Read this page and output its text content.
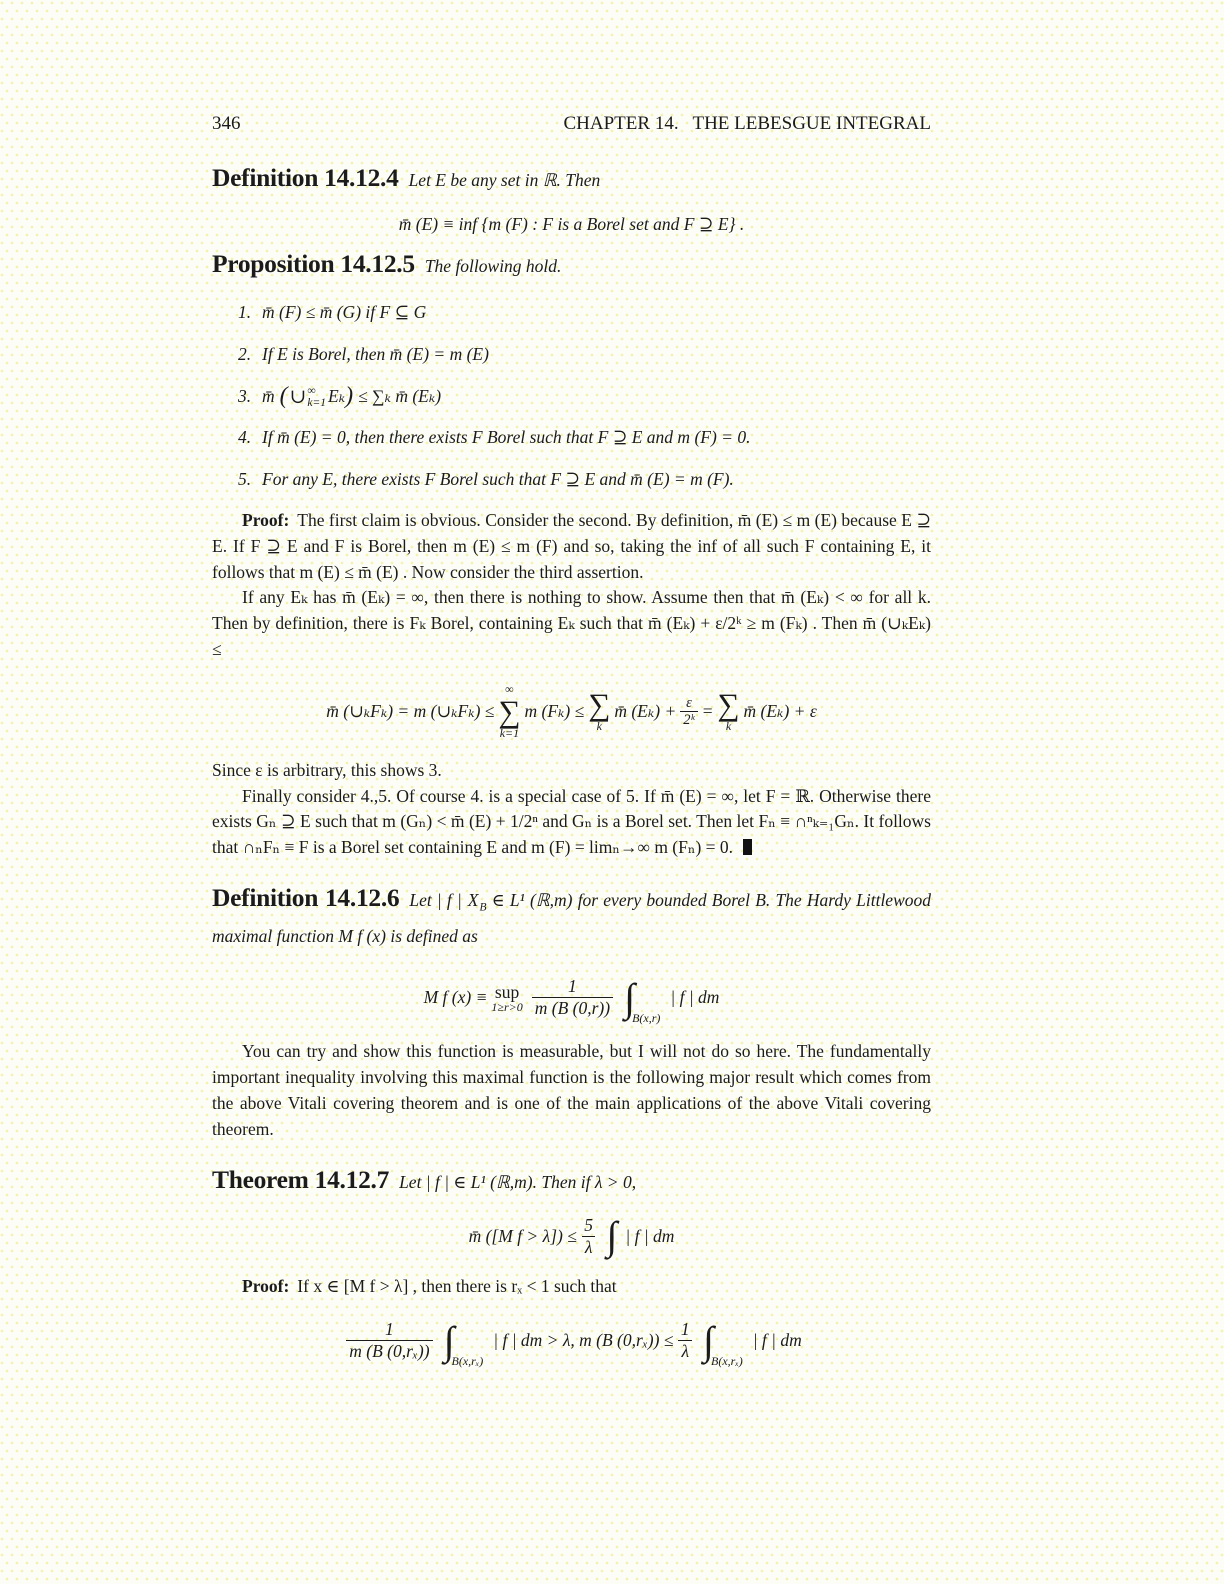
346	CHAPTER 14.  THE LEBESGUE INTEGRAL
Definition 14.12.4 Let E be any set in ℝ. Then
m̄ (E) ≡ inf {m (F) : F is a Borel set and F ⊇ E} .
Proposition 14.12.5 The following hold.
1. m̄ (F) ≤ m̄ (G) if F ⊆ G
2. If E is Borel, then m̄ (E) = m (E)
3. m̄ ( ∪ ∞
k=1 Eₖ ) ≤ ∑ₖ m̄ (Eₖ)
4. If m̄ (E) = 0, then there exists F Borel such that F ⊇ E and m (F) = 0.
5. For any E, there exists F Borel such that F ⊇ E and m̄ (E) = m (F).

Proof: The first claim is obvious. Consider the second. By definition, m̄ (E) ≤ m (E) because E ⊇ E. If F ⊇ E and F is Borel, then m (E) ≤ m (F) and so, taking the inf of all such F containing E, it follows that m (E) ≤ m̄ (E) . Now consider the third assertion.

If any Eₖ has m̄ (Eₖ) = ∞, then there is nothing to show. Assume then that m̄ (Eₖ) < ∞ for all k. Then by definition, there is Fₖ Borel, containing Eₖ such that m̄ (Eₖ) + ε/2ᵏ ≥ m (Fₖ) . Then m̄ (∪ₖEₖ) ≤

m̄ (∪ₖFₖ) = m (∪ₖFₖ) ≤
∞
∑
k=1
m (Fₖ) ≤ ∑
k
m̄ $(E_k) + \frac{\varepsilon}{\text{2ᵏ}}$ = ∑
k
m̄ (Eₖ) + ε

Since ε is arbitrary, this shows 3.

Finally consider 4.,5. Of course 4. is a special case of 5. If m̄ (E) = ∞, let F = ℝ. Otherwise there exists Gₙ ⊇ E such that m (Gₙ) < m̄ (E) + 1/2ⁿ and Gₙ is a Borel set. Then let Fₙ ≡ ∩ⁿₖ₌₁Gₙ. It follows that ∩ₙFₙ ≡ F is a Borel set containing E and m (F) = limₙ→∞ m (Fₙ) = 0.

Definition 14.12.6 Let | f | $X_B$ ∈ L¹ (ℝ,m) for every bounded Borel B. The Hardy Littlewood maximal function M f (x) is defined as
M f (x) ≡ sup
$1\ge r>0 \frac{1}{m (B (0,r))}$ ∫
B(x,r)
| f | dm

You can try and show this function is measurable, but I will not do so here. The fundamentally important inequality involving this maximal function is the following major result which comes from the above Vitali covering theorem and is one of the main applications of the above Vitali covering theorem.

Theorem 14.12.7 Let | f | ∈ L¹ (ℝ,m). Then if λ > 0,
m̄ ([M $f > \lambda]) \le \frac{5}{\lambda}$ ∫ | f | dm

Proof: If x ∈ [M f > λ] , then there is rₓ < 1 such that

$\frac{1}{\text{m (B (0,rₓ))}}$ ∫
B(x,rₓ)
| f | dm > λ, m (B $(0,r_x)) \le \frac{1}{\lambda}$ ∫
B(x,rₓ)
| f | dm
